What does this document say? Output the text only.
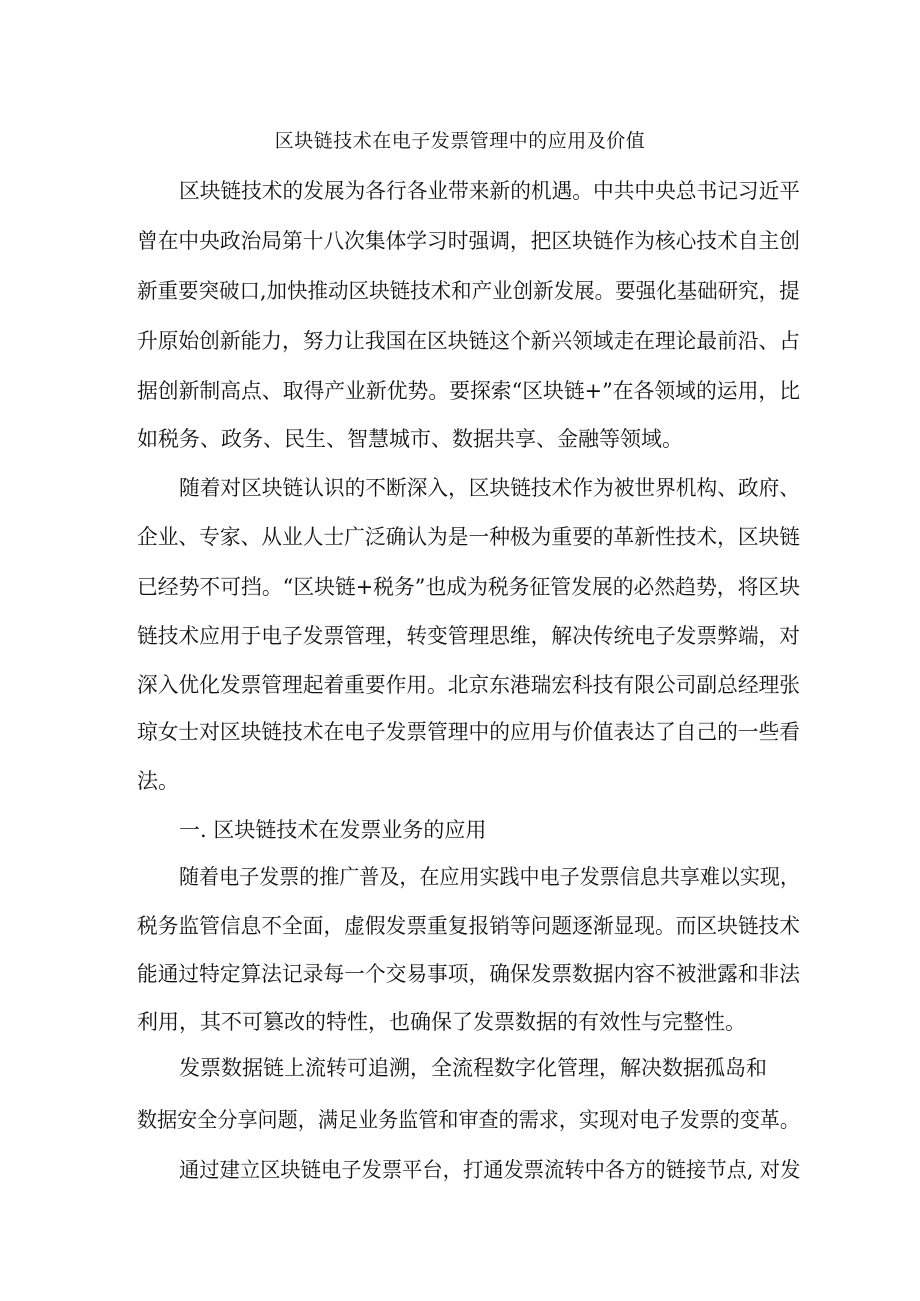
区块链技术在电子发票管理中的应用及价值
区块链技术的发展为各行各业带来新的机遇。中共中央总书记习近平
曾在中央政治局第十八次集体学习时强调，把区块链作为核心技术自主创
新重要突破口,加快推动区块链技术和产业创新发展。要强化基础研究，提
升原始创新能力，努力让我国在区块链这个新兴领域走在理论最前沿、占
据创新制高点、取得产业新优势。要探索“区块链+”在各领域的运用，比
如税务、政务、民生、智慧城市、数据共享、金融等领域。
随着对区块链认识的不断深入，区块链技术作为被世界机构、政府、
企业、专家、从业人士广泛确认为是一种极为重要的革新性技术，区块链
已经势不可挡。“区块链+税务”也成为税务征管发展的必然趋势，将区块
链技术应用于电子发票管理，转变管理思维，解决传统电子发票弊端，对
深入优化发票管理起着重要作用。北京东港瑞宏科技有限公司副总经理张
琼女士对区块链技术在电子发票管理中的应用与价值表达了自己的一些看
法。
一. 区块链技术在发票业务的应用
随着电子发票的推广普及，在应用实践中电子发票信息共享难以实现，
税务监管信息不全面，虚假发票重复报销等问题逐渐显现。而区块链技术
能通过特定算法记录每一个交易事项，确保发票数据内容不被泄露和非法
利用，其不可篡改的特性，也确保了发票数据的有效性与完整性。
发票数据链上流转可追溯，全流程数字化管理，解决数据孤岛和
数据安全分享问题，满足业务监管和审查的需求，实现对电子发票的变革。
通过建立区块链电子发票平台，打通发票流转中各方的链接节点, 对发
